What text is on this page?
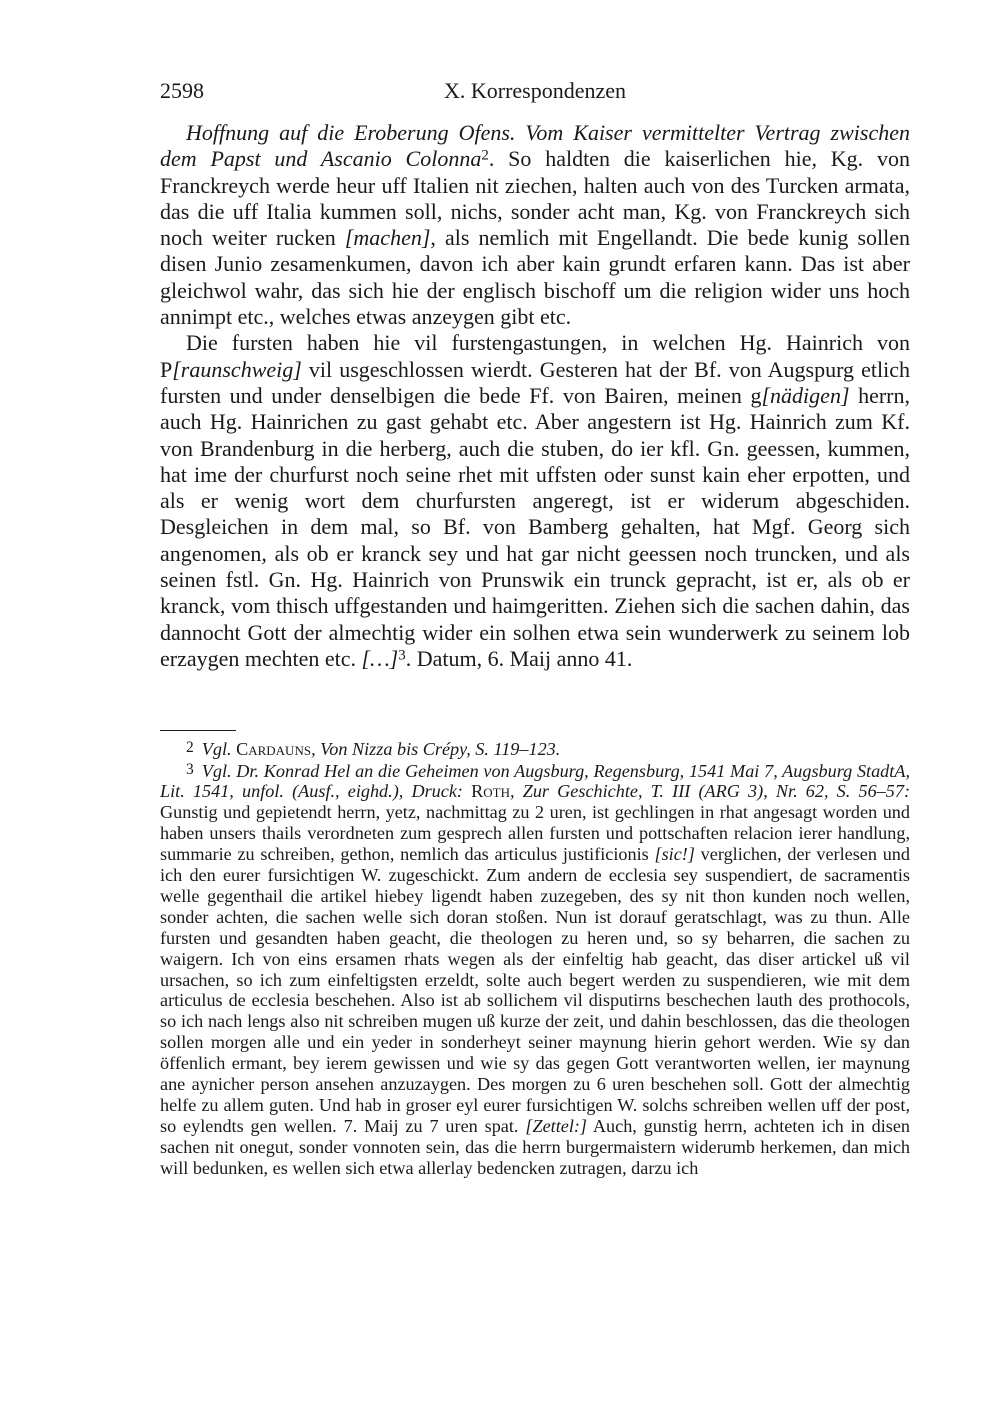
2598	X. Korrespondenzen

Hoffnung auf die Eroberung Ofens. Vom Kaiser vermittelter Vertrag zwischen dem Papst und Ascanio Colonna$^2$. So haldten die kaiserlichen hie, Kg. von Franckreych werde heur uff Italien nit ziechen, halten auch von des Turcken armata, das die uff Italia kummen soll, nichs, sonder acht man, Kg. von Franckreych sich noch weiter rucken [machen], als nemlich mit Engellandt. Die bede kunig sollen disen Junio zesamenkumen, davon ich aber kain grundt erfaren kann. Das ist aber gleichwol wahr, das sich hie der englisch bischoff um die religion wider uns hoch annimpt etc., welches etwas anzeygen gibt etc.

Die fursten haben hie vil furstengastungen, in welchen Hg. Hainrich von P[raunschweig] vil usgeschlossen wierdt. Gesteren hat der Bf. von Augspurg etlich fursten und under denselbigen die bede Ff. von Bairen, meinen g[nädigen] herrn, auch Hg. Hainrichen zu gast gehabt etc. Aber angestern ist Hg. Hainrich zum Kf. von Brandenburg in die herberg, auch die stuben, do ier kfl. Gn. geessen, kummen, hat ime der churfurst noch seine rhet mit uffsten oder sunst kain eher erpotten, und als er wenig wort dem churfursten angeregt, ist er widerum abgeschiden. Desgleichen in dem mal, so Bf. von Bamberg gehalten, hat Mgf. Georg sich angenomen, als ob er kranck sey und hat gar nicht geessen noch truncken, und als seinen fstl. Gn. Hg. Hainrich von Prunswik ein trunck gepracht, ist er, als ob er kranck, vom thisch uffgestanden und haimgeritten. Ziehen sich die sachen dahin, das dannocht Gott der almechtig wider ein solhen etwa sein wunderwerk zu seinem lob erzaygen mechten etc. […]$^3$. Datum, 6. Maij anno 41.

2 Vgl. Cardauns, Von Nizza bis Crépy, S. 119–123.

3 Vgl. Dr. Konrad Hel an die Geheimen von Augsburg, Regensburg, 1541 Mai 7, Augsburg StadtA, Lit. 1541, unfol. (Ausf., eighd.), Druck: Roth, Zur Geschichte, T. III (ARG 3), Nr. 62, S. 56–57: Gunstig und gepietendt herrn, yetz, nachmittag zu 2 uren, ist gechlingen in rhat angesagt worden und haben unsers thails verordneten zum gesprech allen fursten und pottschaften relacion ierer handlung, summarie zu schreiben, gethon, nemlich das articulus justificionis [sic!] verglichen, der verlesen und ich den eurer fursichtigen W. zugeschickt. Zum andern de ecclesia sey suspendiert, de sacramentis welle gegenthail die artikel hiebey ligendt haben zuzegeben, des sy nit thon kunden noch wellen, sonder achten, die sachen welle sich doran stoßen. Nun ist dorauf geratschlagt, was zu thun. Alle fursten und gesandten haben geacht, die theologen zu heren und, so sy beharren, die sachen zu waigern. Ich von eins ersamen rhats wegen als der einfeltig hab geacht, das diser artickel uß vil ursachen, so ich zum einfeltigsten erzeldt, solte auch begert werden zu suspendieren, wie mit dem articulus de ecclesia beschehen. Also ist ab sollichem vil disputirns beschechen lauth des prothocols, so ich nach lengs also nit schreiben mugen uß kurze der zeit, und dahin beschlossen, das die theologen sollen morgen alle und ein yeder in sonderheyt seiner maynung hierin gehort werden. Wie sy dan öffenlich ermant, bey ierem gewissen und wie sy das gegen Gott verantworten wellen, ier maynung ane aynicher person ansehen anzuzaygen. Des morgen zu 6 uren beschehen soll. Gott der almechtig helfe zu allem guten. Und hab in groser eyl eurer fursichtigen W. solchs schreiben wellen uff der post, so eylendts gen wellen. 7. Maij zu 7 uren spat. [Zettel:] Auch, gunstig herrn, achteten ich in disen sachen nit onegut, sonder vonnoten sein, das die herrn burgermaistern widerumb herkemen, dan mich will bedunken, es wellen sich etwa allerlay bedencken zutragen, darzu ich
